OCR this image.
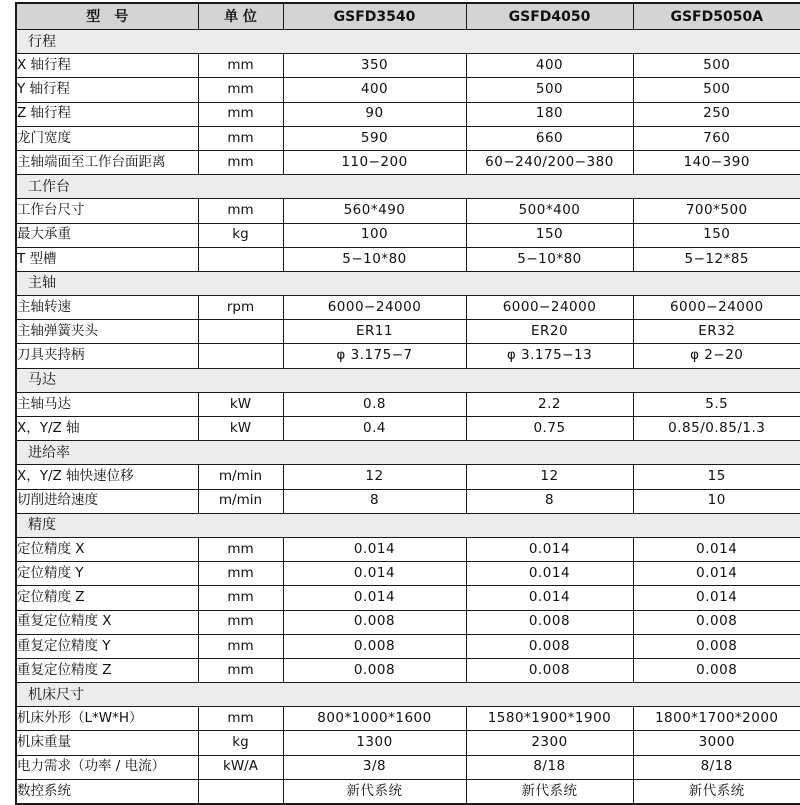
型　号	单 位	GSFD3540	GSFD4050	GSFD5050A
行程				
X 轴行程	mm	350	400	500
Y 轴行程	mm	400	500	500
Z 轴行程	mm	90	180	250
龙门宽度	mm	590	660	760
主轴端面至工作台面距离	mm	110−200	60−240/200−380	140−390
工作台				
工作台尺寸	mm	560*490	500*400	700*500
最大承重	kg	100	150	150
T 型槽		5−10*80	5−10*80	5−12*85
主轴				
主轴转速	rpm	6000−24000	6000−24000	6000−24000
主轴弹簧夹头		ER11	ER20	ER32
刀具夹持柄		φ 3.175−7	φ 3.175−13	φ 2−20
马达				
主轴马达	kW	0.8	2.2	5.5
X，Y/Z 轴	kW	0.4	0.75	0.85/0.85/1.3
进给率				
X，Y/Z 轴快速位移	m/min	12	12	15
切削进给速度	m/min	8	8	10
精度				
定位精度 X	mm	0.014	0.014	0.014
定位精度 Y	mm	0.014	0.014	0.014
定位精度 Z	mm	0.014	0.014	0.014
重复定位精度 X	mm	0.008	0.008	0.008
重复定位精度 Y	mm	0.008	0.008	0.008
重复定位精度 Z	mm	0.008	0.008	0.008
机床尺寸				
机床外形（L*W*H）	mm	800*1000*1600	1580*1900*1900	1800*1700*2000
机床重量	kg	1300	2300	3000
电力需求（功率 / 电流）	kW/A	3/8	8/18	8/18
数控系统		新代系统	新代系统	新代系统
